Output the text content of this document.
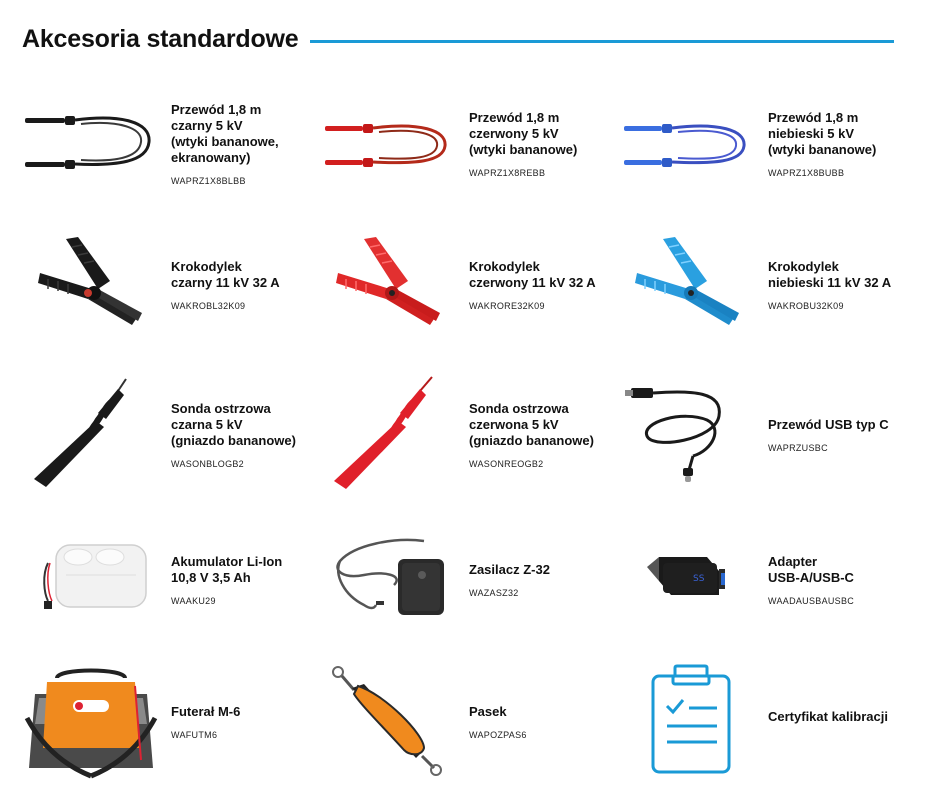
Akcesoria standardowe
Przewód 1,8 m
czarny 5 kV
(wtyki bananowe,
ekranowany)
WAPRZ1X8BLBB
Przewód 1,8 m
czerwony 5 kV
(wtyki bananowe)
WAPRZ1X8REBB
Przewód 1,8 m
niebieski 5 kV
(wtyki bananowe)
WAPRZ1X8BUBB
Krokodylek
czarny 11 kV 32 A
WAKROBL32K09
Krokodylek
czerwony 11 kV 32 A
WAKRORE32K09
Krokodylek
niebieski 11 kV 32 A
WAKROBU32K09
Sonda ostrzowa
czarna 5 kV
(gniazdo bananowe)
WASONBLOGB2
Sonda ostrzowa
czerwona 5 kV
(gniazdo bananowe)
WASONREOGB2
Przewód USB typ C
WAPRZUSBC
Akumulator Li-Ion
10,8 V 3,5 Ah
WAAKU29
Zasilacz Z-32
WAZASZ32
SS
Adapter
USB-A/USB-C
WAADAUSBAUSBC
Futerał M-6
WAFUTM6
Pasek
WAPOZPAS6
Certyfikat kalibracji
